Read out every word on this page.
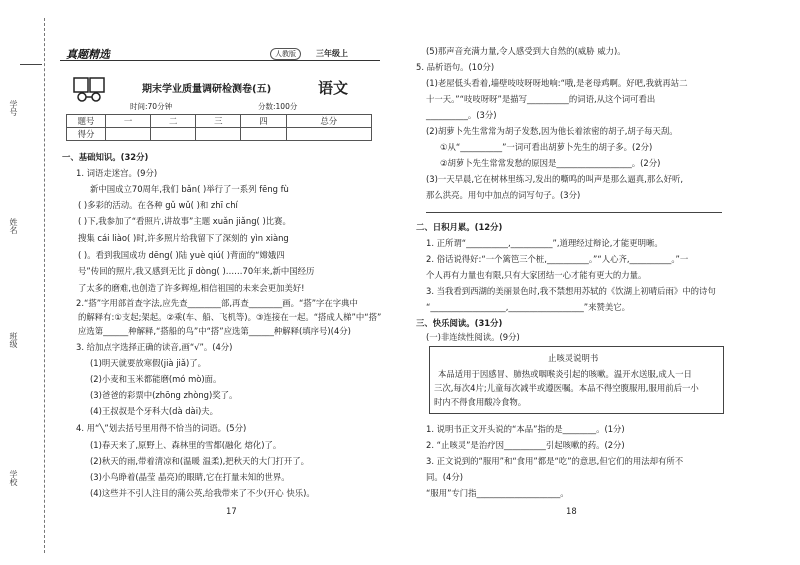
学号
姓名
班级
学校
真题精选	人教版	三年级上
期末学业质量调研检测卷(五)	语文
时间:70分钟	分数:100分
题号	一	二	三	四	总分
得分					
一、基础知识。(32分)
1. 词语走迷宫。(9分)
新中国成立70周年,我们 bǎn( )举行了一系列 fēng fù
( )多彩的活动。在各种 gǔ wǔ( )和 zhī chí
( )下,我参加了“看照片,讲故事”主题 xuǎn jiǎng( )比赛。
搜集 cái liào( )时,许多照片给我留下了深刻的 yìn xiàng
( )。看到我国成功 dēng( )陆 yuè qiú( )背面的“嫦娥四
号”传回的照片,我又感到无比 jī dòng( )……70年来,新中国经历
了太多的磨难,也创造了许多辉煌,相信祖国的未来会更加美好!
2.“搭”字用部首查字法,应先查________部,再查________画。“搭”字在字典中
的解释有:①支起;架起。②乘(车、船、飞机等)。③连接在一起。“搭成人梯”中“搭”
应选第______种解释,“搭船的鸟”中“搭”应选第______种解释(填序号)(4分)
3. 给加点字选择正确的读音,画“√”。(4分)
(1)明天就要放寒假(jià jiǎ)了。
(2)小麦和玉米都能磨(mó mò)面。
(3)爸爸的彩票中(zhōng zhòng)奖了。
(4)王叔叔是个牙科大(dà dài)夫。
4. 用“╲”划去括号里用得不恰当的词语。(5分)
(1)春天来了,原野上、森林里的雪都(融化 熔化)了。
(2)秋天的雨,带着清凉和(温暖 温柔),把秋天的大门打开了。
(3)小鸟睁着(晶莹 晶亮)的眼睛,它在打量未知的世界。
(4)这些并不引人注目的蒲公英,给我带来了不少(开心 快乐)。
17
(5)那声音充满力量,令人感受到大自然的(威胁 威力)。
5. 品析语句。(10分)
(1)老屋低头看着,墙壁吱吱呀呀地响:“哦,是老母鸡啊。好吧,我就再站二
十一天。”“吱吱呀呀”是描写__________的词语,从这个词可看出
__________。(3分)
(2)胡萝卜先生常常为胡子发愁,因为他长着浓密的胡子,胡子每天刮。
①从“__________”一词可看出胡萝卜先生的胡子多。(2分)
②胡萝卜先生常常发愁的原因是__________________。(2分)
(3)一天早晨,它在树林里练习,发出的嘶鸣的叫声是那么逼真,那么好听,
那么洪亮。用句中加点的词写句子。(3分)
二、日积月累。(12分)
1. 正所谓“__________,__________”,道理经过辩论,才能更明晰。
2. 俗话说得好:“一个篱笆三个桩,__________。”“人心齐,__________。”一
个人再有力量也有限,只有大家团结一心才能有更大的力量。
3. 当我看到西湖的美丽景色时,我不禁想用苏轼的《饮湖上初晴后雨》中的诗句
“__________________,__________________”来赞美它。
三、快乐阅读。(31分)
(一)非连续性阅读。(9分)
止咳灵说明书
本品适用于因感冒、肺热或咽喉炎引起的咳嗽。温开水送服,成人一日
三次,每次4片;儿童每次减半或遵医嘱。本品不得空腹服用,服用前后一小
时内不得食用酸冷食物。
1. 说明书正文开头说的“本品”指的是________。(1分)
2. “止咳灵”是治疗因__________引起咳嗽的药。(2分)
3. 正文说到的“服用”和“食用”都是“吃”的意思,但它们的用法却有所不
同。(4分)
“服用”专门指____________________。
18
